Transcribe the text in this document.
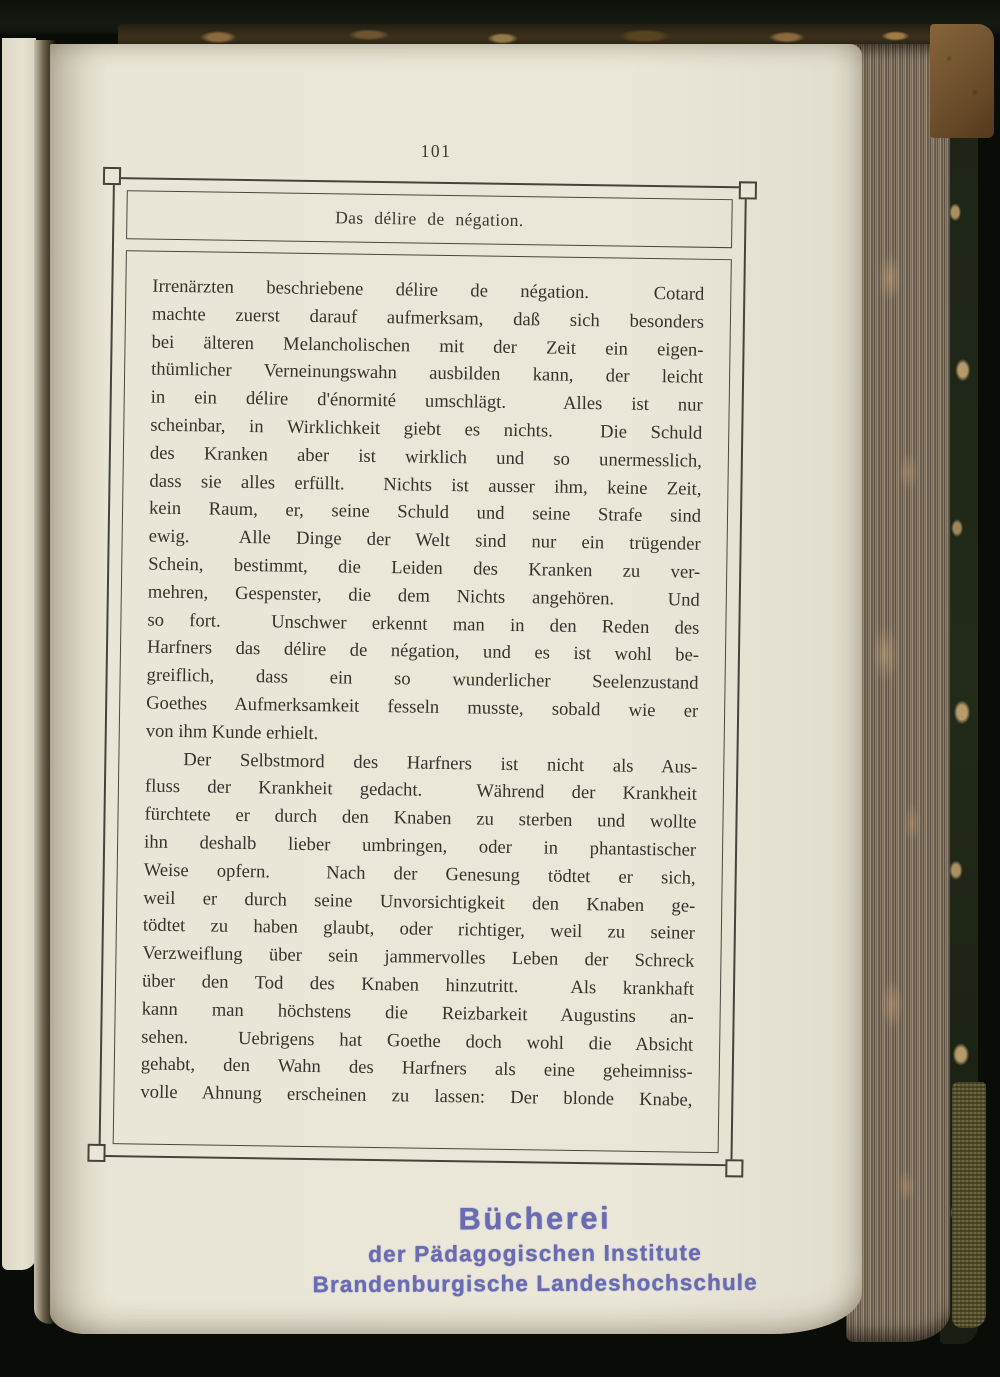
101
Das délire de négation.
Irrenärzten beschriebene délire de négation.  Cotard
machte zuerst darauf aufmerksam, daß sich besonders
bei älteren Melancholischen mit der Zeit ein eigen-
thümlicher Verneinungswahn ausbilden kann, der leicht
in ein délire d'énormité umschlägt.  Alles ist nur
scheinbar, in Wirklichkeit giebt es nichts.  Die Schuld
des Kranken aber ist wirklich und so unermesslich,
dass sie alles erfüllt.  Nichts ist ausser ihm, keine Zeit,
kein Raum, er, seine Schuld und seine Strafe sind
ewig.  Alle Dinge der Welt sind nur ein trügender
Schein, bestimmt, die Leiden des Kranken zu ver-
mehren, Gespenster, die dem Nichts angehören.  Und
so fort.  Unschwer erkennt man in den Reden des
Harfners das délire de négation, und es ist wohl be-
greiflich, dass ein so wunderlicher Seelenzustand
Goethes Aufmerksamkeit fesseln musste, sobald wie er
von ihm Kunde erhielt.
Der Selbstmord des Harfners ist nicht als Aus-
fluss der Krankheit gedacht.  Während der Krankheit
fürchtete er durch den Knaben zu sterben und wollte
ihn deshalb lieber umbringen, oder in phantastischer
Weise opfern.  Nach der Genesung tödtet er sich,
weil er durch seine Unvorsichtigkeit den Knaben ge-
tödtet zu haben glaubt, oder richtiger, weil zu seiner
Verzweiflung über sein jammervolles Leben der Schreck
über den Tod des Knaben hinzutritt.  Als krankhaft
kann man höchstens die Reizbarkeit Augustins an-
sehen.  Uebrigens hat Goethe doch wohl die Absicht
gehabt, den Wahn des Harfners als eine geheimniss-
volle Ahnung erscheinen zu lassen: Der blonde Knabe,
Bücherei
der Pädagogischen Institute
Brandenburgische Landeshochschule
